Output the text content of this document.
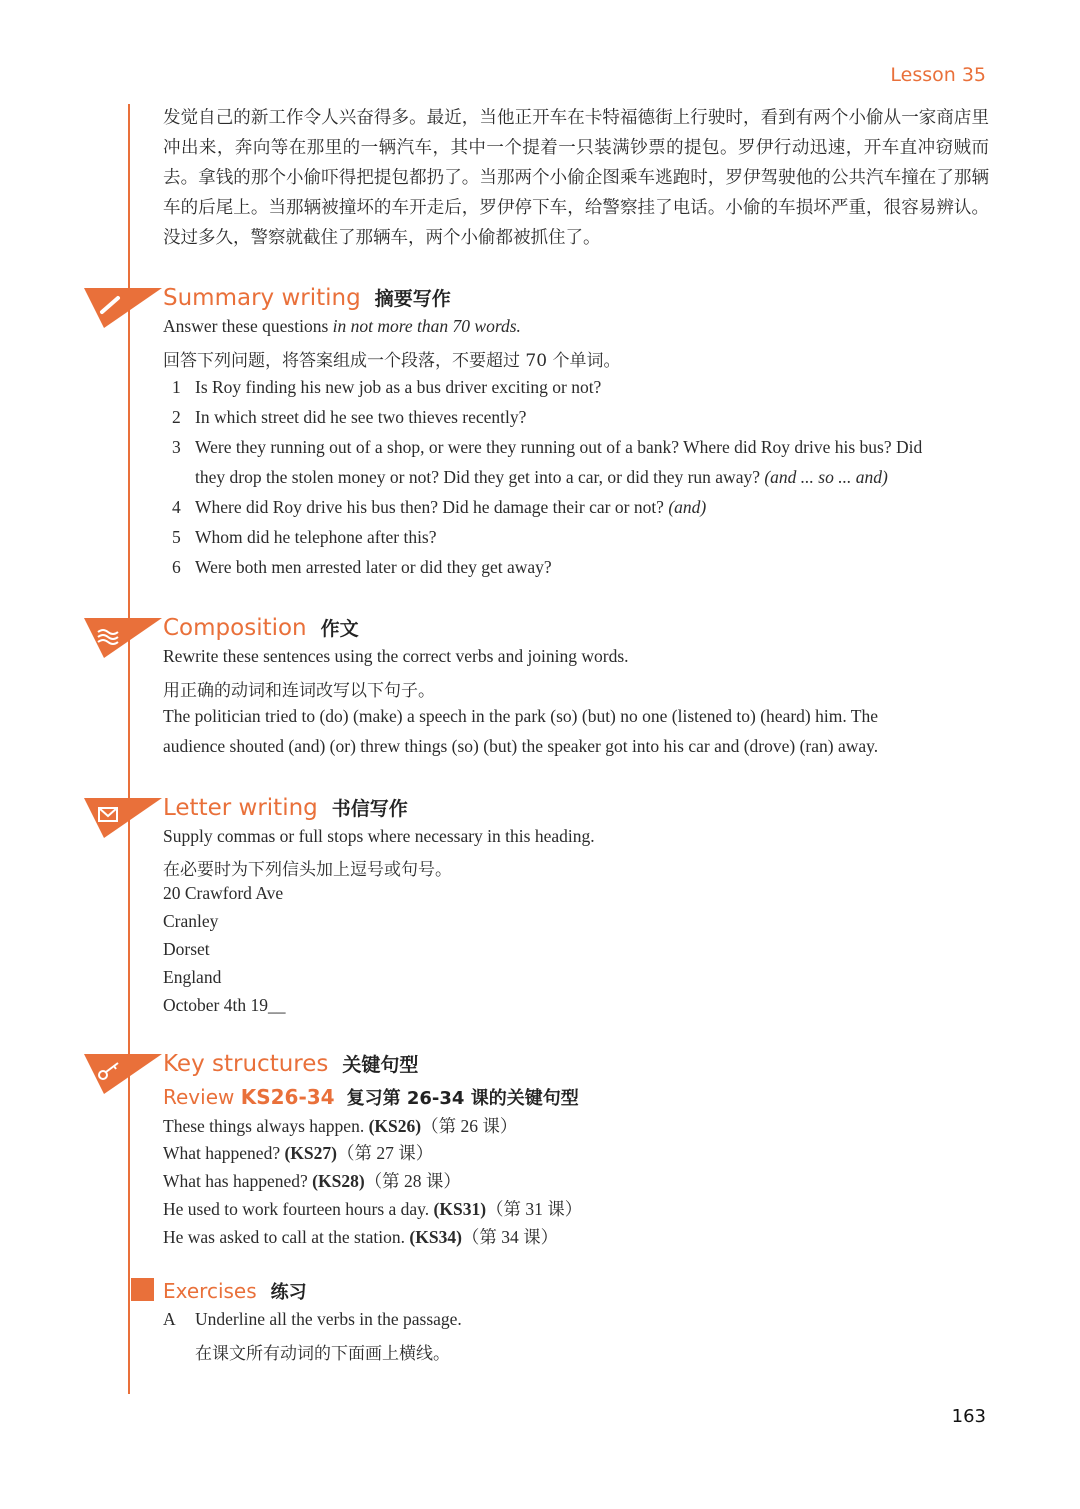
Lesson 35
发觉自己的新工作令人兴奋得多。最近，当他正开车在卡特福德街上行驶时，看到有两个小偷从一家商店里冲出来，奔向等在那里的一辆汽车，其中一个提着一只装满钞票的提包。罗伊行动迅速，开车直冲窃贼而去。拿钱的那个小偷吓得把提包都扔了。当那两个小偷企图乘车逃跑时，罗伊驾驶他的公共汽车撞在了那辆车的后尾上。当那辆被撞坏的车开走后，罗伊停下车，给警察挂了电话。小偷的车损坏严重，很容易辨认。没过多久，警察就截住了那辆车，两个小偷都被抓住了。
Summary writing 摘要写作
Answer these questions in not more than 70 words.
回答下列问题，将答案组成一个段落，不要超过 70 个单词。
1 Is Roy finding his new job as a bus driver exciting or not?
2 In which street did he see two thieves recently?
3 Were they running out of a shop, or were they running out of a bank? Where did Roy drive his bus? Did
they drop the stolen money or not? Did they get into a car, or did they run away? (and ... so ... and)
4 Where did Roy drive his bus then? Did he damage their car or not? (and)
5 Whom did he telephone after this?
6 Were both men arrested later or did they get away?
Composition 作文
Rewrite these sentences using the correct verbs and joining words.
用正确的动词和连词改写以下句子。
The politician tried to (do) (make) a speech in the park (so) (but) no one (listened to) (heard) him. The
audience shouted (and) (or) threw things (so) (but) the speaker got into his car and (drove) (ran) away.
Letter writing 书信写作
Supply commas or full stops where necessary in this heading.
在必要时为下列信头加上逗号或句号。
20 Crawford Ave
Cranley
Dorset
England
October 4th 19__
Key structures 关键句型
Review KS26-34 复习第 26-34 课的关键句型
These things always happen. (KS26)（第 26 课）
What happened? (KS27)（第 27 课）
What has happened? (KS28)（第 28 课）
He used to work fourteen hours a day. (KS31)（第 31 课）
He was asked to call at the station. (KS34)（第 34 课）
Exercises 练习
A Underline all the verbs in the passage.
在课文所有动词的下面画上横线。
163
